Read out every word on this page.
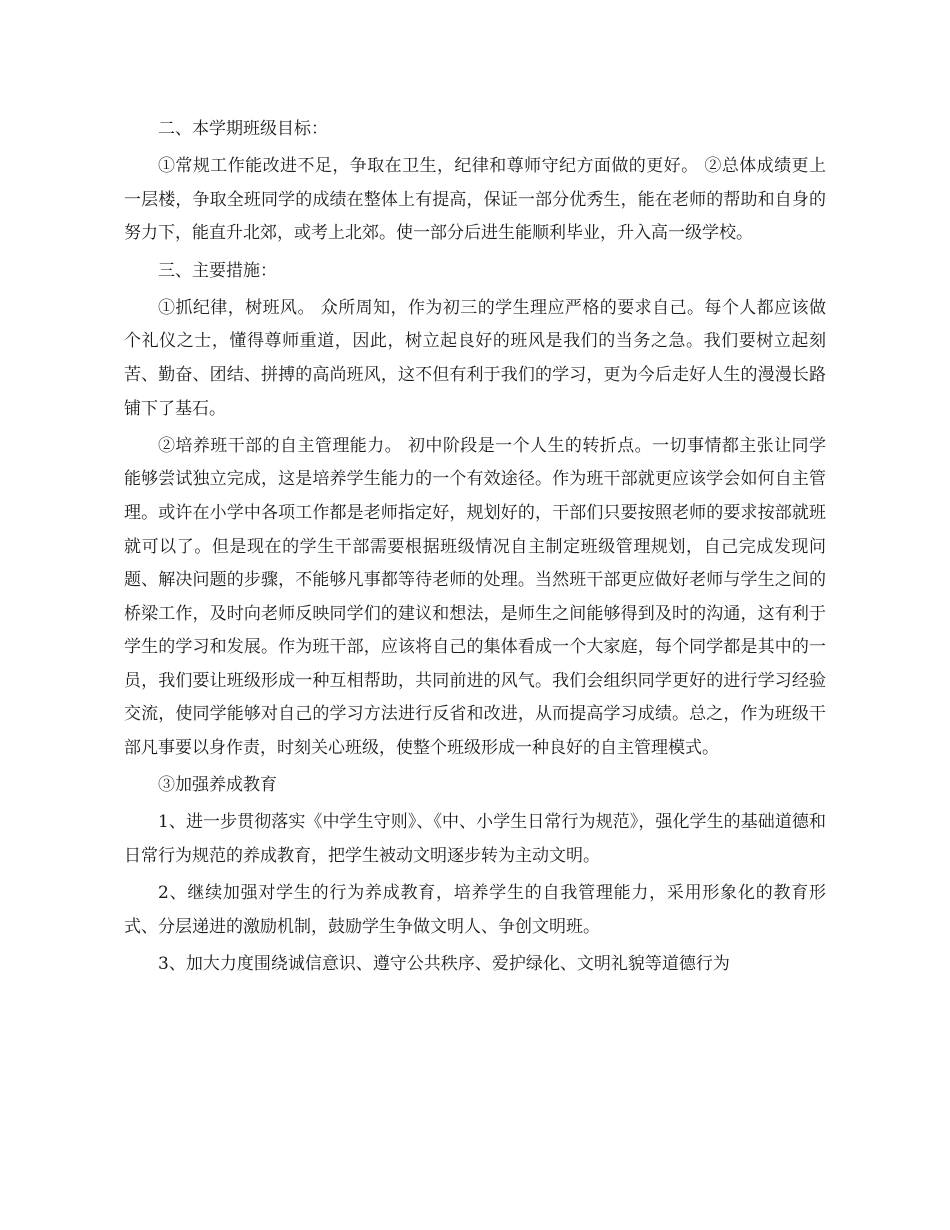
二、本学期班级目标：

①常规工作能改进不足，争取在卫生，纪律和尊师守纪方面做的更好。 ②总体成绩更上一层楼，争取全班同学的成绩在整体上有提高，保证一部分优秀生，能在老师的帮助和自身的努力下，能直升北郊，或考上北郊。使一部分后进生能顺利毕业，升入高一级学校。

三、主要措施：

①抓纪律，树班风。 众所周知，作为初三的学生理应严格的要求自己。每个人都应该做个礼仪之士，懂得尊师重道，因此，树立起良好的班风是我们的当务之急。我们要树立起刻苦、勤奋、团结、拼搏的高尚班风，这不但有利于我们的学习，更为今后走好人生的漫漫长路铺下了基石。

②培养班干部的自主管理能力。 初中阶段是一个人生的转折点。一切事情都主张让同学能够尝试独立完成，这是培养学生能力的一个有效途径。作为班干部就更应该学会如何自主管理。或许在小学中各项工作都是老师指定好，规划好的，干部们只要按照老师的要求按部就班就可以了。但是现在的学生干部需要根据班级情况自主制定班级管理规划，自己完成发现问题、解决问题的步骤，不能够凡事都等待老师的处理。当然班干部更应做好老师与学生之间的桥梁工作，及时向老师反映同学们的建议和想法，是师生之间能够得到及时的沟通，这有利于学生的学习和发展。作为班干部，应该将自己的集体看成一个大家庭，每个同学都是其中的一员，我们要让班级形成一种互相帮助，共同前进的风气。我们会组织同学更好的进行学习经验交流，使同学能够对自己的学习方法进行反省和改进，从而提高学习成绩。总之，作为班级干部凡事要以身作责，时刻关心班级，使整个班级形成一种良好的自主管理模式。

③加强养成教育

1、进一步贯彻落实《中学生守则》、《中、小学生日常行为规范》，强化学生的基础道德和日常行为规范的养成教育，把学生被动文明逐步转为主动文明。

2、继续加强对学生的行为养成教育，培养学生的自我管理能力，采用形象化的教育形式、分层递进的激励机制，鼓励学生争做文明人、争创文明班。

3、加大力度围绕诚信意识、遵守公共秩序、爱护绿化、文明礼貌等道德行为
